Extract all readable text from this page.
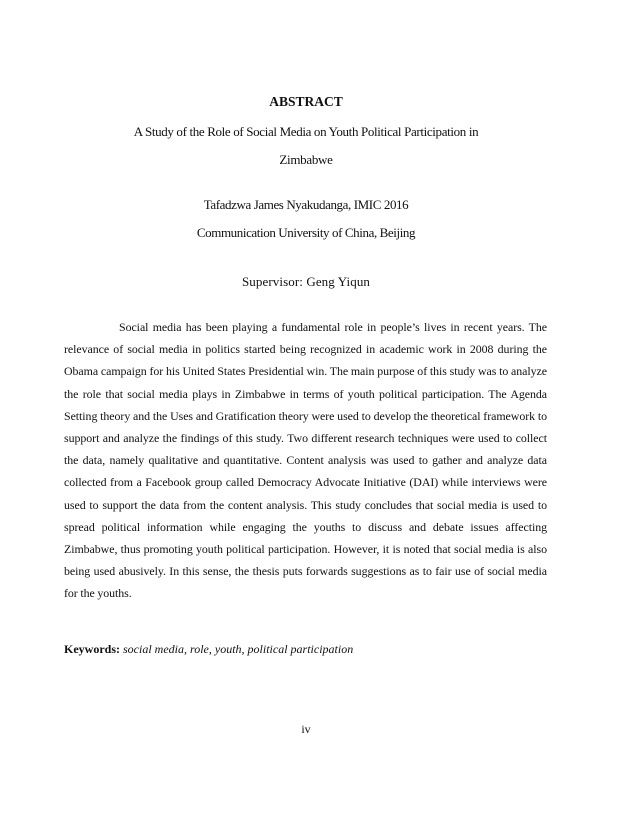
ABSTRACT
A Study of the Role of Social Media on Youth Political Participation in
Zimbabwe
Tafadzwa James Nyakudanga, IMIC 2016
Communication University of China, Beijing
Supervisor: Geng Yiqun

Social media has been playing a fundamental role in people’s lives in recent years. The relevance of social media in politics started being recognized in academic work in 2008 during the Obama campaign for his United States Presidential win. The main purpose of this study was to analyze the role that social media plays in Zimbabwe in terms of youth political participation. The Agenda Setting theory and the Uses and Gratification theory were used to develop the theoretical framework to support and analyze the findings of this study. Two different research techniques were used to collect the data, namely qualitative and quantitative. Content analysis was used to gather and analyze data collected from a Facebook group called Democracy Advocate Initiative (DAI) while interviews were used to support the data from the content analysis. This study concludes that social media is used to spread political information while engaging the youths to discuss and debate issues affecting Zimbabwe, thus promoting youth political participation. However, it is noted that social media is also being used abusively. In this sense, the thesis puts forwards suggestions as to fair use of social media for the youths.

Keywords: social media, role, youth, political participation
iv
